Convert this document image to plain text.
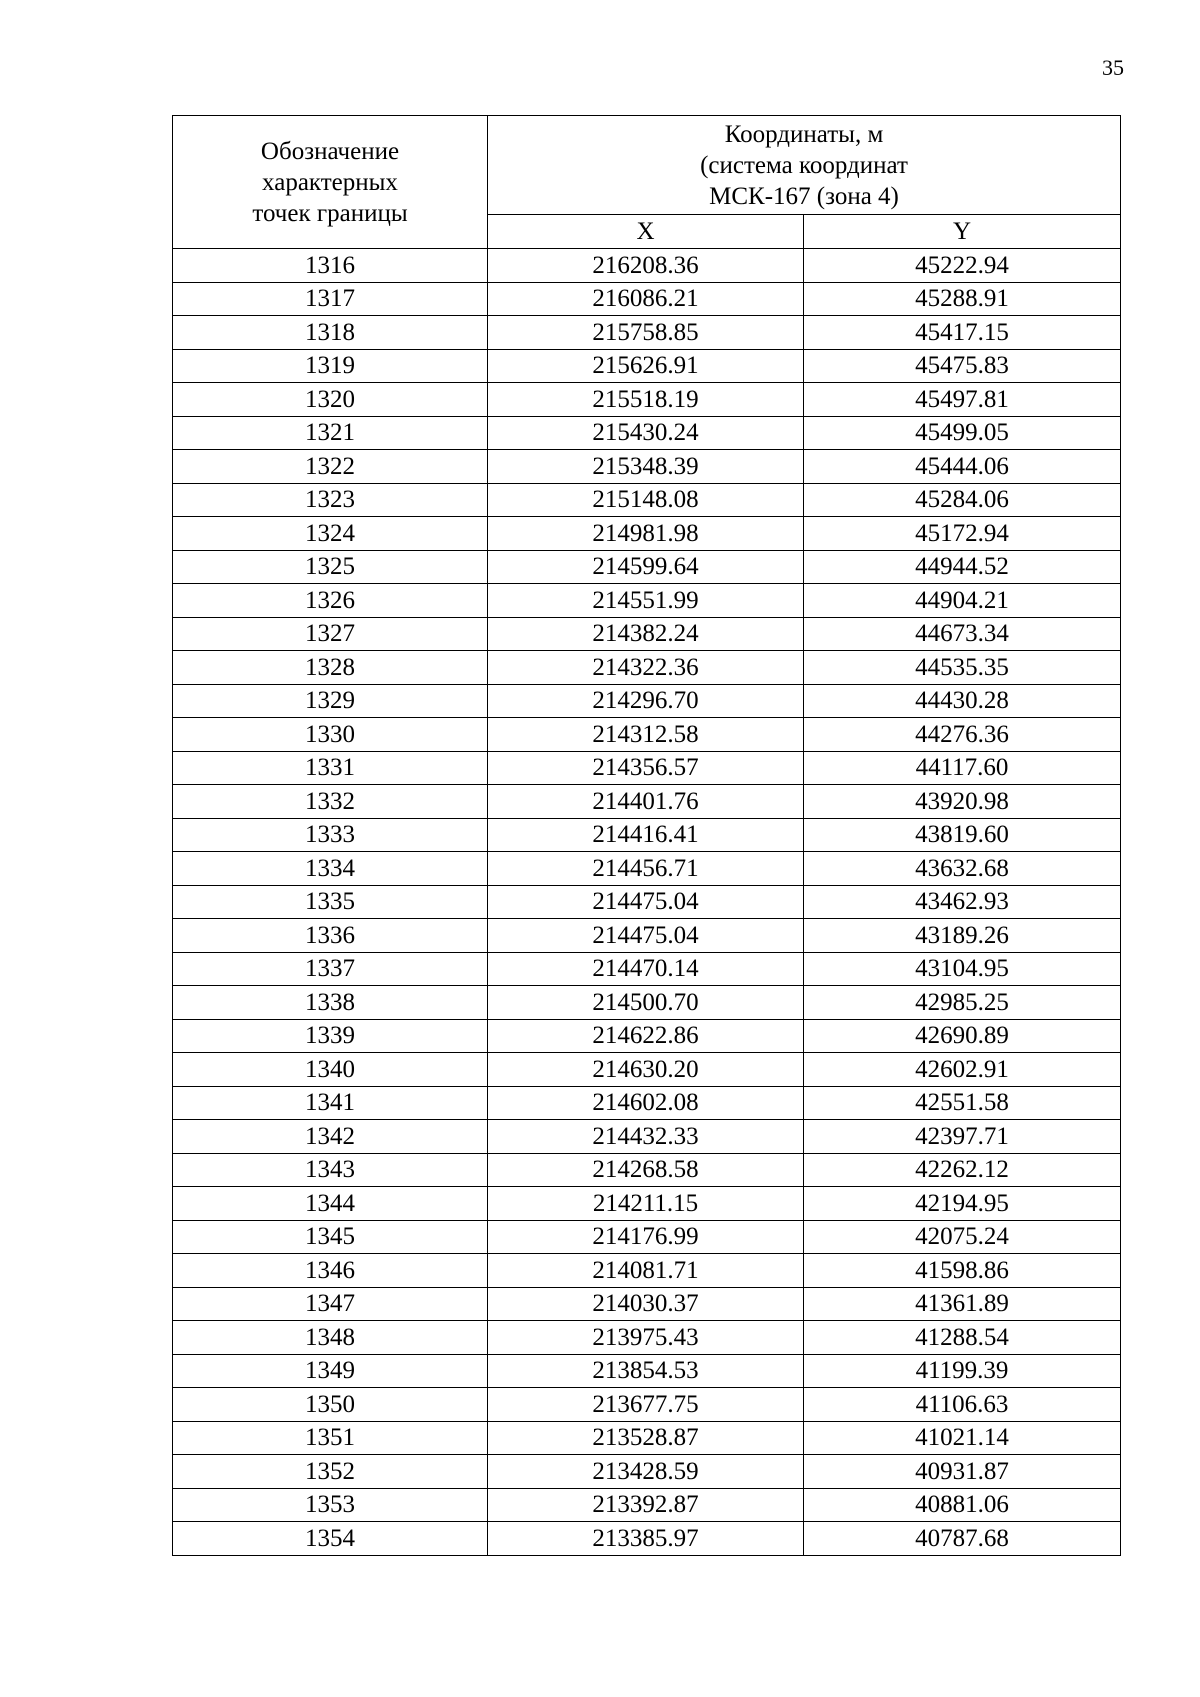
35
Обозначение
характерных
точек границы	Координаты, м
(система координат
МСК-167 (зона 4)	

	X	Y
1316	216208.36	45222.94
1317	216086.21	45288.91
1318	215758.85	45417.15
1319	215626.91	45475.83
1320	215518.19	45497.81
1321	215430.24	45499.05
1322	215348.39	45444.06
1323	215148.08	45284.06
1324	214981.98	45172.94
1325	214599.64	44944.52
1326	214551.99	44904.21
1327	214382.24	44673.34
1328	214322.36	44535.35
1329	214296.70	44430.28
1330	214312.58	44276.36
1331	214356.57	44117.60
1332	214401.76	43920.98
1333	214416.41	43819.60
1334	214456.71	43632.68
1335	214475.04	43462.93
1336	214475.04	43189.26
1337	214470.14	43104.95
1338	214500.70	42985.25
1339	214622.86	42690.89
1340	214630.20	42602.91
1341	214602.08	42551.58
1342	214432.33	42397.71
1343	214268.58	42262.12
1344	214211.15	42194.95
1345	214176.99	42075.24
1346	214081.71	41598.86
1347	214030.37	41361.89
1348	213975.43	41288.54
1349	213854.53	41199.39
1350	213677.75	41106.63
1351	213528.87	41021.14
1352	213428.59	40931.87
1353	213392.87	40881.06
1354	213385.97	40787.68
